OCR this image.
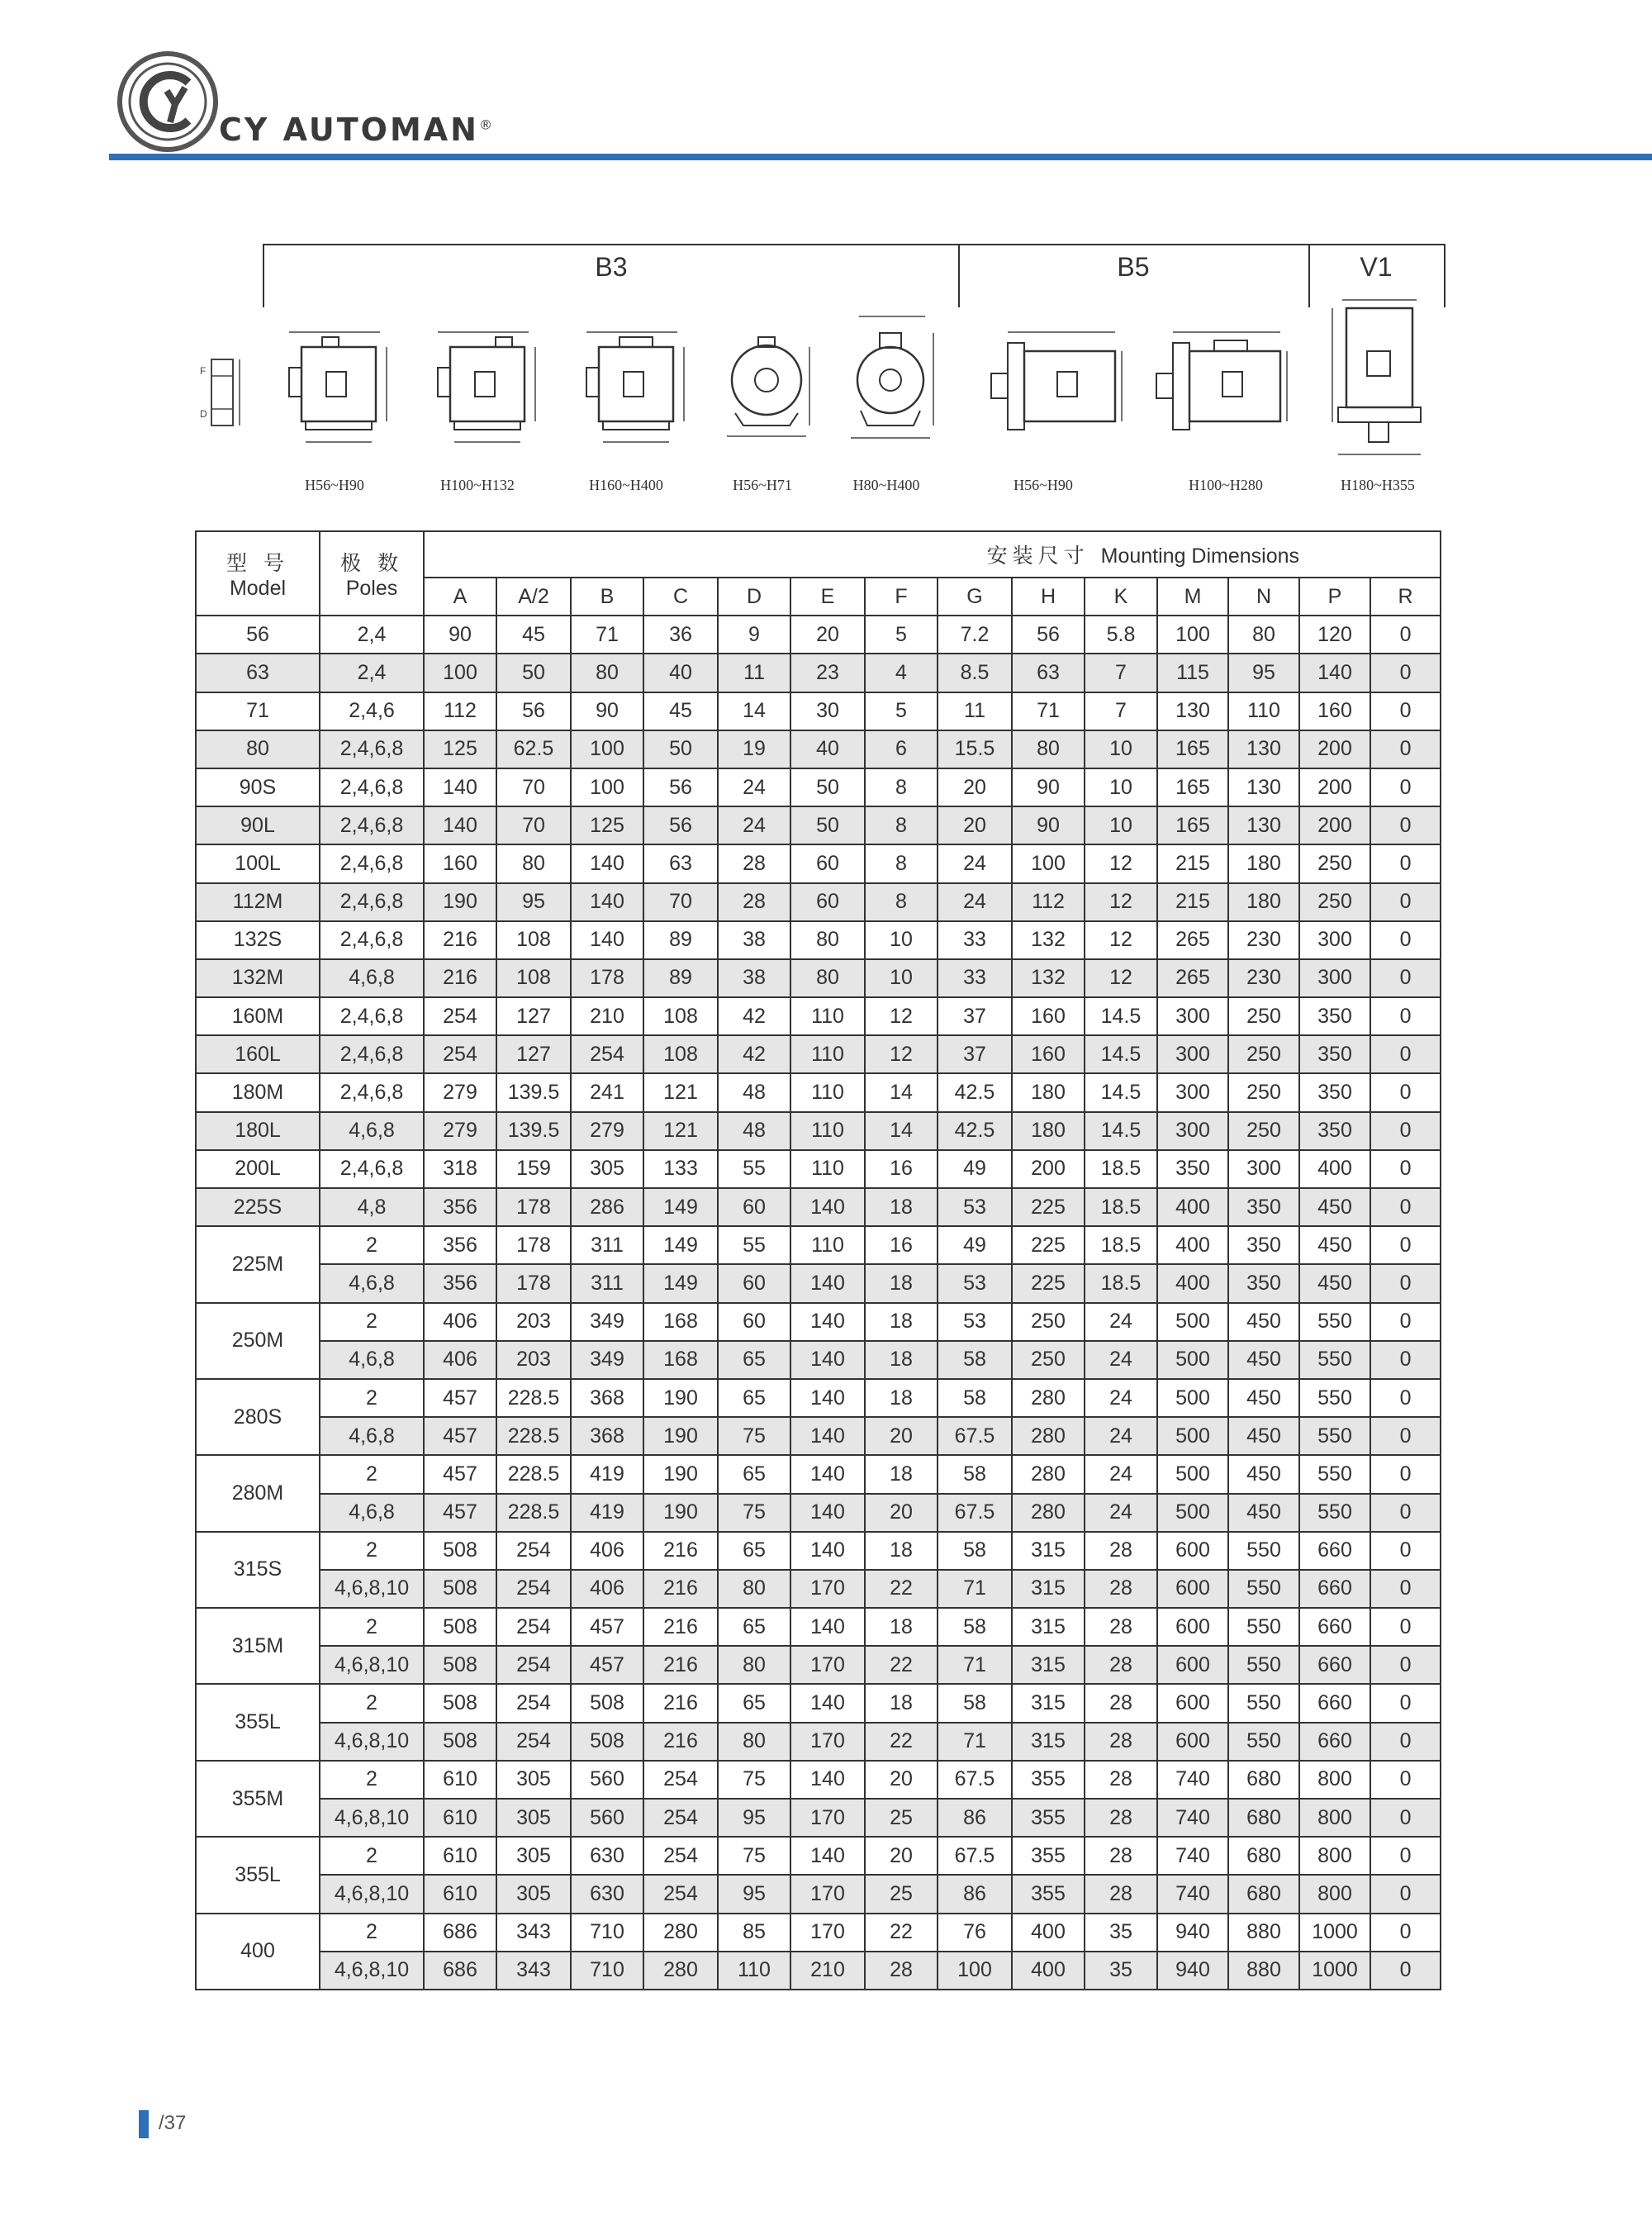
CY AUTOMAN®
B3	B5	V1
F
D
H56~H90	H100~H132	H160~H400	H56~H71	H80~H400	H56~H90	H100~H280	H180~H355
型 号
Model	极 数
Poles	安装尺寸 Mounting Dimensions													
		A	A/2	B	C	D	E	F	G	H	K	M	N	P	R
56	2,4	90	45	71	36	9	20	5	7.2	56	5.8	100	80	120	0
63	2,4	100	50	80	40	11	23	4	8.5	63	7	115	95	140	0
71	2,4,6	112	56	90	45	14	30	5	11	71	7	130	110	160	0
80	2,4,6,8	125	62.5	100	50	19	40	6	15.5	80	10	165	130	200	0
90S	2,4,6,8	140	70	100	56	24	50	8	20	90	10	165	130	200	0
90L	2,4,6,8	140	70	125	56	24	50	8	20	90	10	165	130	200	0
100L	2,4,6,8	160	80	140	63	28	60	8	24	100	12	215	180	250	0
112M	2,4,6,8	190	95	140	70	28	60	8	24	112	12	215	180	250	0
132S	2,4,6,8	216	108	140	89	38	80	10	33	132	12	265	230	300	0
132M	4,6,8	216	108	178	89	38	80	10	33	132	12	265	230	300	0
160M	2,4,6,8	254	127	210	108	42	110	12	37	160	14.5	300	250	350	0
160L	2,4,6,8	254	127	254	108	42	110	12	37	160	14.5	300	250	350	0
180M	2,4,6,8	279	139.5	241	121	48	110	14	42.5	180	14.5	300	250	350	0
180L	4,6,8	279	139.5	279	121	48	110	14	42.5	180	14.5	300	250	350	0
200L	2,4,6,8	318	159	305	133	55	110	16	49	200	18.5	350	300	400	0
225S	4,8	356	178	286	149	60	140	18	53	225	18.5	400	350	450	0
225M	2	356	178	311	149	55	110	16	49	225	18.5	400	350	450	0
	4,6,8	356	178	311	149	60	140	18	53	225	18.5	400	350	450	0
250M	2	406	203	349	168	60	140	18	53	250	24	500	450	550	0
	4,6,8	406	203	349	168	65	140	18	58	250	24	500	450	550	0
280S	2	457	228.5	368	190	65	140	18	58	280	24	500	450	550	0
	4,6,8	457	228.5	368	190	75	140	20	67.5	280	24	500	450	550	0
280M	2	457	228.5	419	190	65	140	18	58	280	24	500	450	550	0
	4,6,8	457	228.5	419	190	75	140	20	67.5	280	24	500	450	550	0
315S	2	508	254	406	216	65	140	18	58	315	28	600	550	660	0
	4,6,8,10	508	254	406	216	80	170	22	71	315	28	600	550	660	0
315M	2	508	254	457	216	65	140	18	58	315	28	600	550	660	0
	4,6,8,10	508	254	457	216	80	170	22	71	315	28	600	550	660	0
355L	2	508	254	508	216	65	140	18	58	315	28	600	550	660	0
	4,6,8,10	508	254	508	216	80	170	22	71	315	28	600	550	660	0
355M	2	610	305	560	254	75	140	20	67.5	355	28	740	680	800	0
	4,6,8,10	610	305	560	254	95	170	25	86	355	28	740	680	800	0
355L	2	610	305	630	254	75	140	20	67.5	355	28	740	680	800	0
	4,6,8,10	610	305	630	254	95	170	25	86	355	28	740	680	800	0
400	2	686	343	710	280	85	170	22	76	400	35	940	880	1000	0
	4,6,8,10	686	343	710	280	110	210	28	100	400	35	940	880	1000	0
/37
